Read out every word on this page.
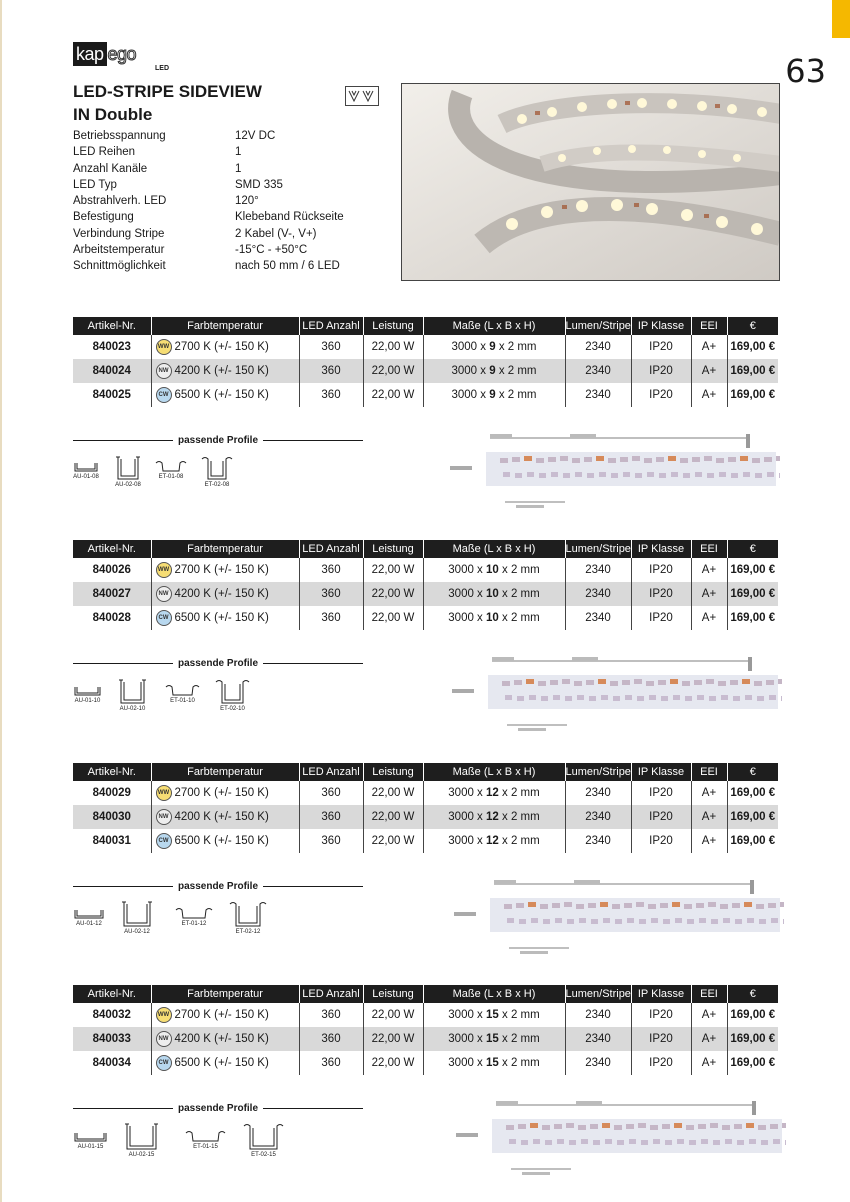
63
kap ego
LED
LED-STRIPE SIDEVIEW
IN Double
Betriebsspannung	12V DC
LED Reihen	1
Anzahl Kanäle	1
LED Typ	SMD 335
Abstrahlverh. LED	120°
Befestigung	Klebeband Rückseite
Verbindung Stripe	2 Kabel (V-, V+)
Arbeitstemperatur	-15°C - +50°C
Schnittmöglichkeit	nach 50 mm / 6 LED
Artikel-Nr.	Farbtemperatur	LED Anzahl	Leistung	Maße (L x B x H)	Lumen/Stripe	IP Klasse	EEI	€
840023	WW 2700 K (+/- 150 K)	360	22,00 W	3000 x 9 x 2 mm	2340	IP20	A+	169,00 €
840024	NW 4200 K (+/- 150 K)	360	22,00 W	3000 x 9 x 2 mm	2340	IP20	A+	169,00 €
840025	CW 6500 K (+/- 150 K)	360	22,00 W	3000 x 9 x 2 mm	2340	IP20	A+	169,00 €
passende Profile
AU-01-08
AU-02-08
ET-01-08
ET-02-08
Artikel-Nr.	Farbtemperatur	LED Anzahl	Leistung	Maße (L x B x H)	Lumen/Stripe	IP Klasse	EEI	€
840026	WW 2700 K (+/- 150 K)	360	22,00 W	3000 x 10 x 2 mm	2340	IP20	A+	169,00 €
840027	NW 4200 K (+/- 150 K)	360	22,00 W	3000 x 10 x 2 mm	2340	IP20	A+	169,00 €
840028	CW 6500 K (+/- 150 K)	360	22,00 W	3000 x 10 x 2 mm	2340	IP20	A+	169,00 €
passende Profile
AU-01-10
AU-02-10
ET-01-10
ET-02-10
Artikel-Nr.	Farbtemperatur	LED Anzahl	Leistung	Maße (L x B x H)	Lumen/Stripe	IP Klasse	EEI	€
840029	WW 2700 K (+/- 150 K)	360	22,00 W	3000 x 12 x 2 mm	2340	IP20	A+	169,00 €
840030	NW 4200 K (+/- 150 K)	360	22,00 W	3000 x 12 x 2 mm	2340	IP20	A+	169,00 €
840031	CW 6500 K (+/- 150 K)	360	22,00 W	3000 x 12 x 2 mm	2340	IP20	A+	169,00 €
passende Profile
AU-01-12
AU-02-12
ET-01-12
ET-02-12
Artikel-Nr.	Farbtemperatur	LED Anzahl	Leistung	Maße (L x B x H)	Lumen/Stripe	IP Klasse	EEI	€
840032	WW 2700 K (+/- 150 K)	360	22,00 W	3000 x 15 x 2 mm	2340	IP20	A+	169,00 €
840033	NW 4200 K (+/- 150 K)	360	22,00 W	3000 x 15 x 2 mm	2340	IP20	A+	169,00 €
840034	CW 6500 K (+/- 150 K)	360	22,00 W	3000 x 15 x 2 mm	2340	IP20	A+	169,00 €
passende Profile
AU-01-15
AU-02-15
ET-01-15
ET-02-15
